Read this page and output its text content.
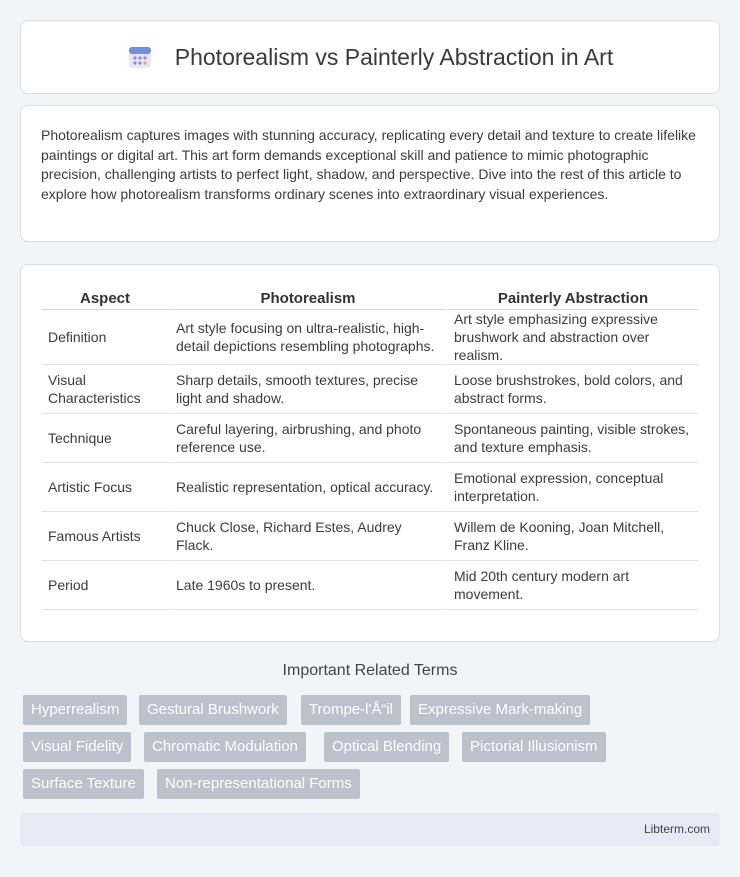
Photorealism vs Painterly Abstraction in Art

Photorealism captures images with stunning accuracy, replicating every detail and texture to create lifelike paintings or digital art. This art form demands exceptional skill and patience to mimic photographic precision, challenging artists to perfect light, shadow, and perspective. Dive into the rest of this article to explore how photorealism transforms ordinary scenes into extraordinary visual experiences.

Aspect	Photorealism	Painterly Abstraction
Definition	Art style focusing on ultra-realistic, high-detail depictions resembling photographs.	Art style emphasizing expressive brushwork and abstraction over realism.
Visual Characteristics	Sharp details, smooth textures, precise light and shadow.	Loose brushstrokes, bold colors, and abstract forms.
Technique	Careful layering, airbrushing, and photo reference use.	Spontaneous painting, visible strokes, and texture emphasis.
Artistic Focus	Realistic representation, optical accuracy.	Emotional expression, conceptual interpretation.
Famous Artists	Chuck Close, Richard Estes, Audrey Flack.	Willem de Kooning, Joan Mitchell, Franz Kline.
Period	Late 1960s to present.	Mid 20th century modern art movement.
Important Related Terms
Hyperrealism	Gestural Brushwork	Trompe-l'Å“il	Expressive Mark-making
Visual Fidelity	Chromatic Modulation	Optical Blending	Pictorial Illusionism
Surface Texture	Non-representational Forms
Libterm.com
